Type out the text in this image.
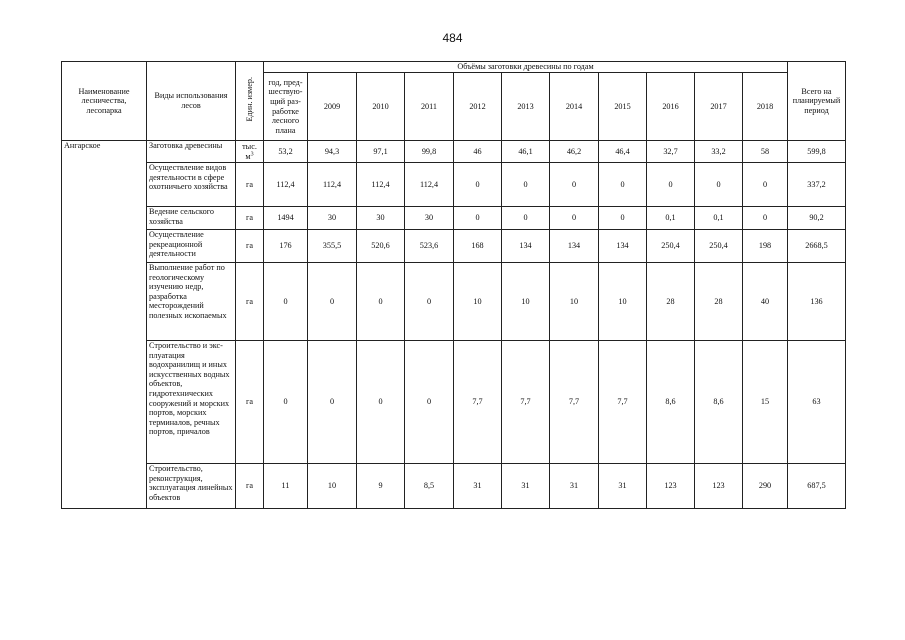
484
Наименование лесничества, лесопарка	Виды использования лесов	Един. измер.	Объёмы заготовки древесины по годам											Всего на планируемый период
			год, пред-шествую-щий раз-работке лесного плана	2009	2010	2011	2012	2013	2014	2015	2016	2017	2018	
Ангарское	Заготовка древесины	тыс. $м^3$	53,2	94,3	97,1	99,8	46	46,1	46,2	46,4	32,7	33,2	58	599,8
	Осуществление видов деятельности в сфере охотничьего хозяйства	га	112,4	112,4	112,4	112,4	0	0	0	0	0	0	0	337,2
	Ведение сельского хозяйства	га	1494	30	30	30	0	0	0	0	0,1	0,1	0	90,2
	Осуществление рекреационной деятельности	га	176	355,5	520,6	523,6	168	134	134	134	250,4	250,4	198	2668,5
	Выполнение работ по геологическому изучению недр, разработка месторождений полезных ископаемых	га	0	0	0	0	10	10	10	10	28	28	40	136
	Строительство и экс-плуатация водохранилищ и иных искусственных водных объектов, гидротехнических сооружений и морских портов, морских терминалов, речных портов, причалов	га	0	0	0	0	7,7	7,7	7,7	7,7	8,6	8,6	15	63
	Строительство, реконструкция, эксплуатация линейных объектов	га	11	10	9	8,5	31	31	31	31	123	123	290	687,5
